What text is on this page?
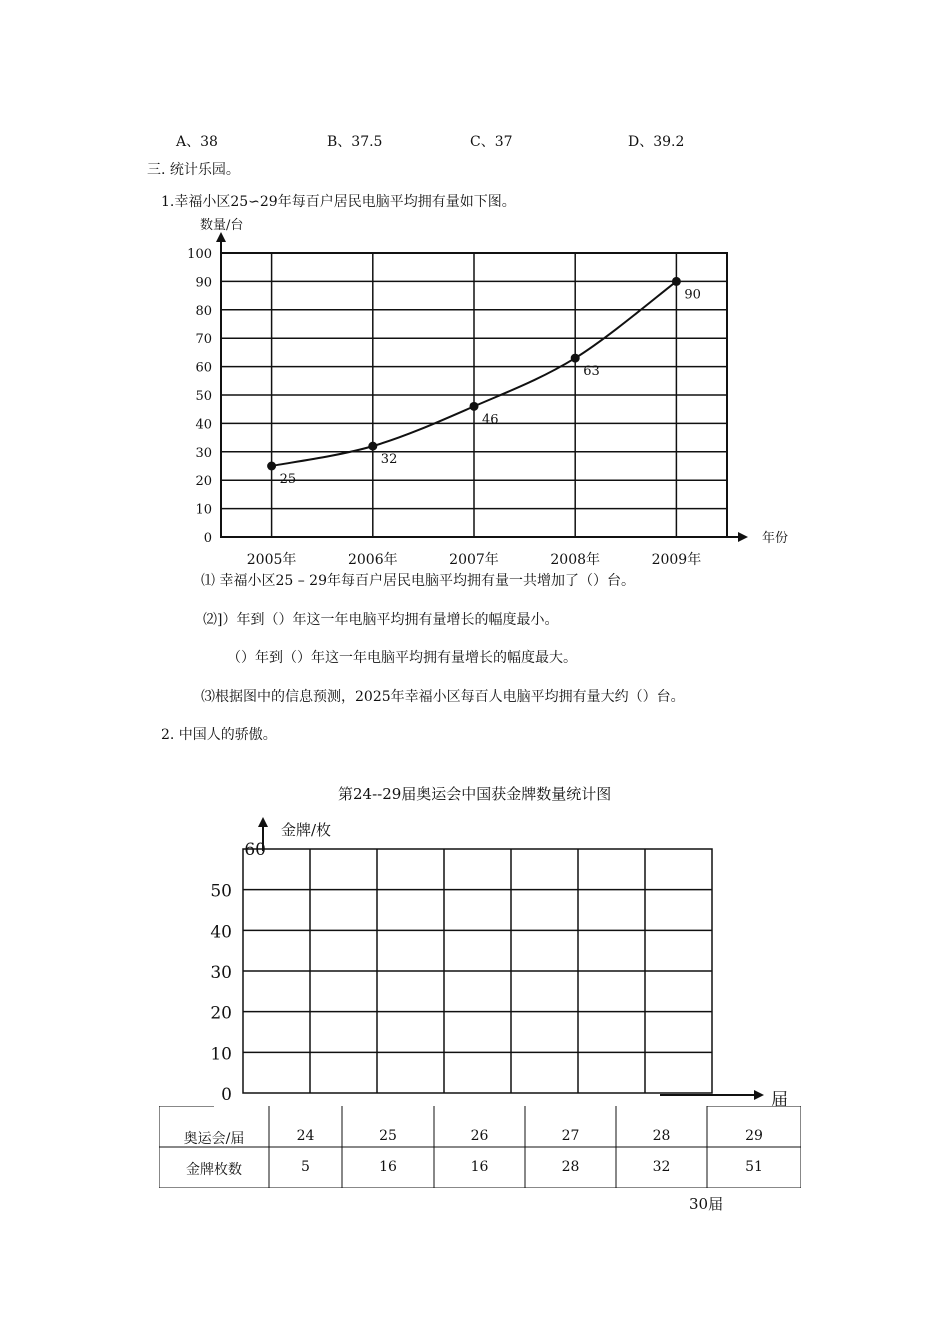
A、38	B、37.5	C、37	D、39.2
三. 统计乐园。
1.幸福小区25∽29年每百户居民电脑平均拥有量如下图。
数量/台
年份
0
10
20
30
40
50
60
70
80
90
100
2005年	2006年	2007年	2008年	2009年
25
32
46
63
90
⑴ 幸福小区25 – 29年每百户居民电脑平均拥有量一共增加了（）台。
⑵]）年到（）年这一年电脑平均拥有量增长的幅度最小。
（）年到（）年这一年电脑平均拥有量增长的幅度最大。
⑶根据图中的信息预测，2025年幸福小区每百人电脑平均拥有量大约（）台。
2. 中国人的骄傲。
第24--29届奥运会中国获金牌数量统计图
金牌/枚
届
0
10
20
30
40
50
60
奥运会/届	24	25	26	27	28	29
金牌枚数	5	16	16	28	32	51
30届
